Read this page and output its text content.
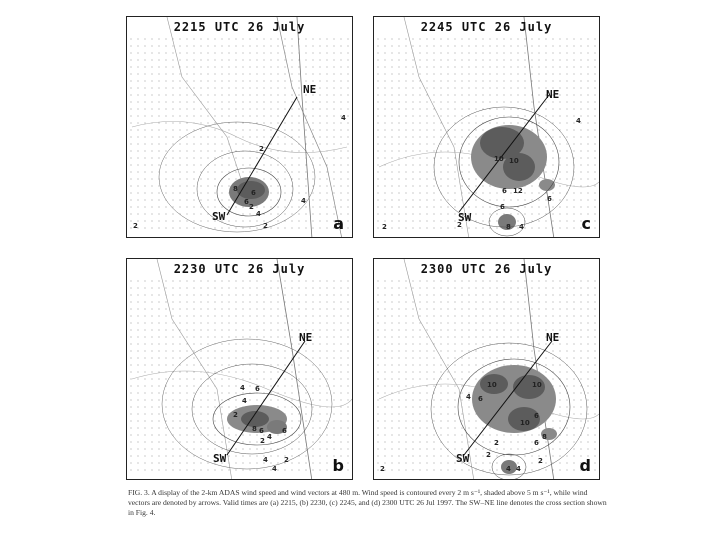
2215 UTC 26 July
NE
SW
4
2
8 6
6
2
4
2	2
4	a
2245 UTC 26 July
NE
SW
10 10
12
6
6
6
8 4
4
2	2	c
2230 UTC 26 July
NE
SW
4 6
4
2
8 6
2
6
4
4 2
4	b
2300 UTC 26 July
NE
SW
10	10
4 6
10
6
8
6
2
2
4 4
2
2
d

FIG. 3. A display of the 2-km ADAS wind speed and wind vectors at 480 m. Wind speed is contoured every 2 m s⁻¹, shaded above 5 m s⁻¹, while wind vectors are denoted by arrows. Valid times are (a) 2215, (b) 2230, (c) 2245, and (d) 2300 UTC 26 Jul 1997. The SW–NE line denotes the cross section shown in Fig. 4.
